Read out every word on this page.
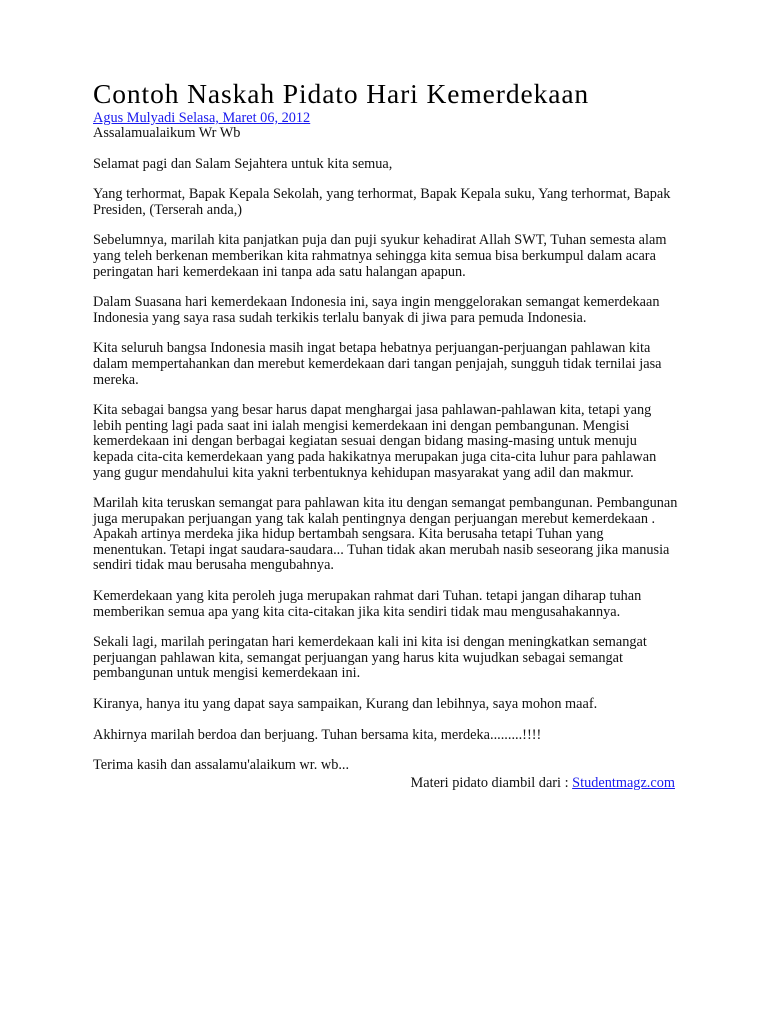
Contoh Naskah Pidato Hari Kemerdekaan
Agus Mulyadi Selasa, Maret 06, 2012

Assalamualaikum Wr Wb

Selamat pagi dan Salam Sejahtera untuk kita semua,

Yang terhormat, Bapak Kepala Sekolah, yang terhormat, Bapak Kepala suku, Yang terhormat, Bapak Presiden, (Terserah anda,)

Sebelumnya, marilah kita panjatkan puja dan puji syukur kehadirat Allah SWT, Tuhan semesta alam yang teleh berkenan memberikan kita rahmatnya sehingga kita semua bisa berkumpul dalam acara peringatan hari kemerdekaan ini tanpa ada satu halangan apapun.

Dalam Suasana hari kemerdekaan Indonesia ini, saya ingin menggelorakan semangat kemerdekaan Indonesia yang saya rasa sudah terkikis terlalu banyak di jiwa para pemuda Indonesia.

Kita seluruh bangsa Indonesia masih ingat betapa hebatnya perjuangan-perjuangan pahlawan kita dalam mempertahankan dan merebut kemerdekaan dari tangan penjajah, sungguh tidak ternilai jasa mereka.

Kita sebagai bangsa yang besar harus dapat menghargai jasa pahlawan-pahlawan kita, tetapi yang lebih penting lagi pada saat ini ialah mengisi kemerdekaan ini dengan pembangunan. Mengisi kemerdekaan ini dengan berbagai kegiatan sesuai dengan bidang masing-masing untuk menuju kepada cita-cita kemerdekaan yang pada hakikatnya merupakan juga cita-cita luhur para pahlawan yang gugur mendahului kita yakni terbentuknya kehidupan masyarakat yang adil dan makmur.

Marilah kita teruskan semangat para pahlawan kita itu dengan semangat pembangunan. Pembangunan juga merupakan perjuangan yang tak kalah pentingnya dengan perjuangan merebut kemerdekaan . Apakah artinya merdeka jika hidup bertambah sengsara. Kita berusaha tetapi Tuhan yang menentukan. Tetapi ingat saudara-saudara... Tuhan tidak akan merubah nasib seseorang jika manusia sendiri tidak mau berusaha mengubahnya.

Kemerdekaan yang kita peroleh juga merupakan rahmat dari Tuhan. tetapi jangan diharap tuhan memberikan semua apa yang kita cita-citakan jika kita sendiri tidak mau mengusahakannya.

Sekali lagi, marilah peringatan hari kemerdekaan kali ini kita isi dengan meningkatkan semangat perjuangan pahlawan kita, semangat perjuangan yang harus kita wujudkan sebagai semangat pembangunan untuk mengisi kemerdekaan ini.

Kiranya, hanya itu yang dapat saya sampaikan, Kurang dan lebihnya, saya mohon maaf.

Akhirnya marilah berdoa dan berjuang. Tuhan bersama kita, merdeka.........!!!!

Terima kasih dan assalamu'alaikum wr. wb...

Materi pidato diambil dari : Studentmagz.com
